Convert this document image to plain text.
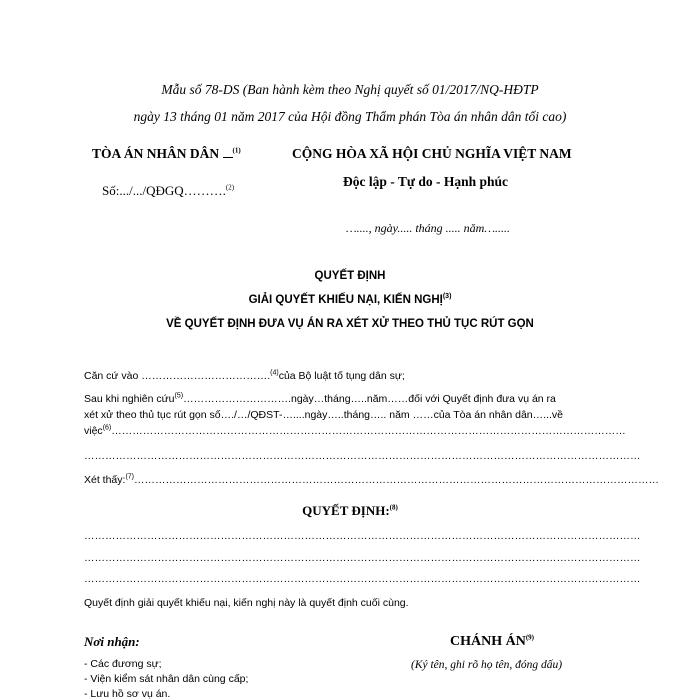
Mẫu số 78-DS (Ban hành kèm theo Nghị quyết số 01/2017/NQ-HĐTP
ngày 13 tháng 01 năm 2017 của Hội đồng Thẩm phán Tòa án nhân dân tối cao)
TÒA ÁN NHÂN DÂN $^{(1)}$
Số:.../.../QĐGQ……….$^{(2)}$
CỘNG HÒA XÃ HỘI CHỦ NGHĨA VIỆT NAM
Độc lập - Tự do - Hạnh phúc
…...., ngày..... tháng ..... năm….....
QUYẾT ĐỊNH
GIẢI QUYẾT KHIẾU NẠI, KIẾN NGHỊ$^{(3)}$
VỀ QUYẾT ĐỊNH ĐƯA VỤ ÁN RA XÉT XỬ THEO THỦ TỤC RÚT GỌN
Căn cứ vào ……………………………….$^{(4)}$của Bộ luật tố tụng dân sự;
Sau khi nghiên cứu$^{(5)}$………………………….ngày…tháng…..năm……đối với Quyết định đưa vụ án ra
xét xử theo thủ tục rút gọn số…./…/QĐST-…....ngày…..tháng….. năm ……của Tòa án nhân dân…...về
việc$^{(6)}$…………………………………………………………………………………………………………………………………
……………………………………………………………………………………………………………………………………………
Xét thấy:$^{(7)}$……………………………………………………………………………………………………………………………………
QUYẾT ĐỊNH:$^{(8)}$
……………………………………………………………………………………………………………………………………………
……………………………………………………………………………………………………………………………………………
……………………………………………………………………………………………………………………………………………
Quyết định giải quyết khiếu nại, kiến nghị này là quyết định cuối cùng.
Nơi nhận:
- Các đương sự;
- Viện kiểm sát nhân dân cùng cấp;
- Lưu hồ sơ vụ án.
CHÁNH ÁN$^{(9)}$
(Ký tên, ghi rõ họ tên, đóng dấu)
